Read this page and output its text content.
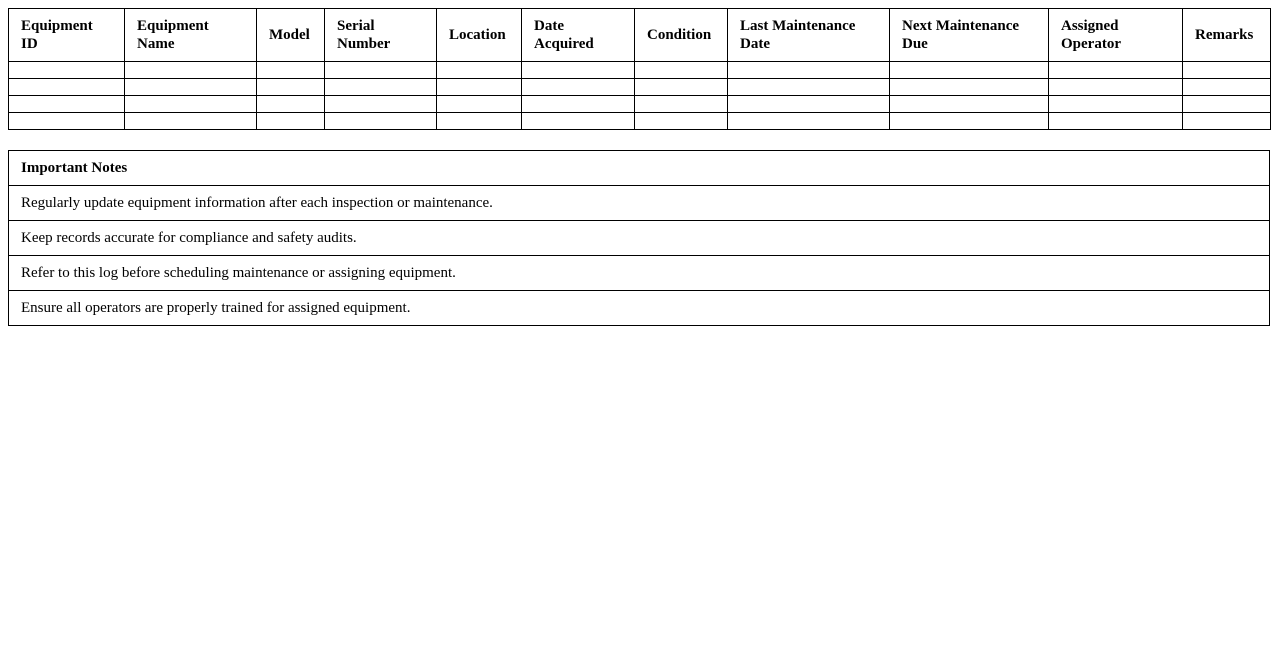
Equipment ID	Equipment Name	Model	Serial Number	Location	Date Acquired	Condition	Last Maintenance Date	Next Maintenance Due	Assigned Operator	Remarks

Important Notes
Regularly update equipment information after each inspection or maintenance.
Keep records accurate for compliance and safety audits.
Refer to this log before scheduling maintenance or assigning equipment.
Ensure all operators are properly trained for assigned equipment.
